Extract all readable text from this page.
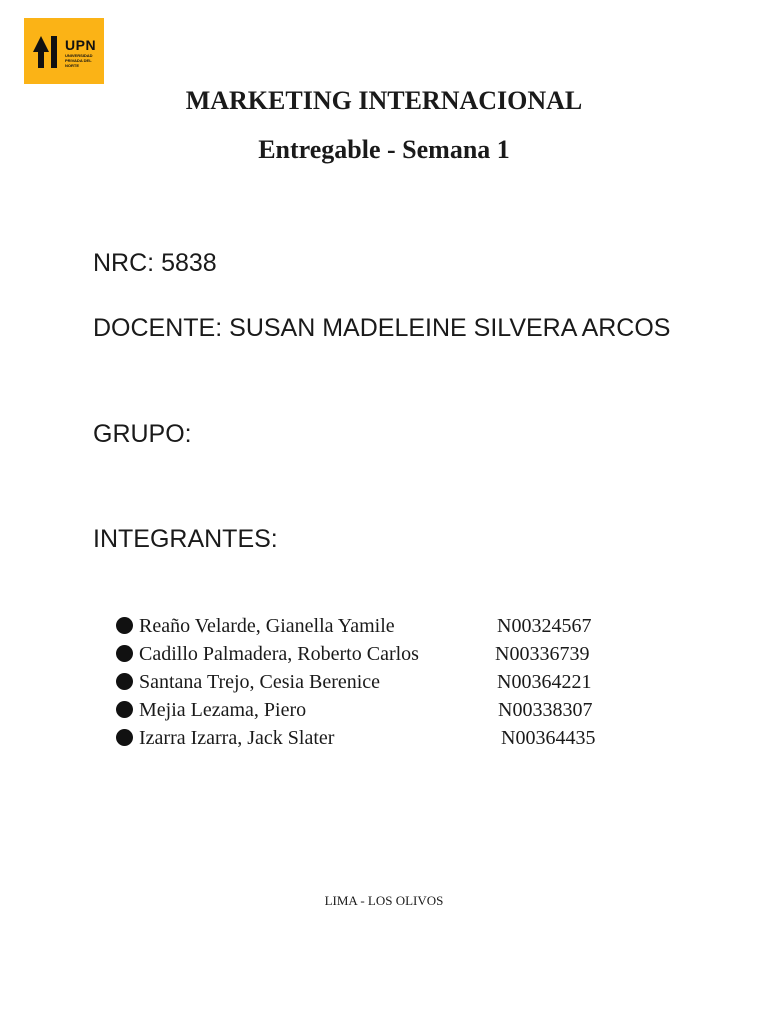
UPN
UNIVERSIDAD PRIVADA DEL NORTE
MARKETING INTERNACIONAL
Entregable - Semana 1
NRC: 5838
DOCENTE: SUSAN MADELEINE SILVERA ARCOS
GRUPO:
INTEGRANTES:
Reaño Velarde, Gianella Yamile	N00324567
Cadillo Palmadera, Roberto Carlos	N00336739
Santana Trejo, Cesia Berenice	N00364221
Mejia Lezama, Piero	N00338307
Izarra Izarra, Jack Slater	N00364435
LIMA - LOS OLIVOS
